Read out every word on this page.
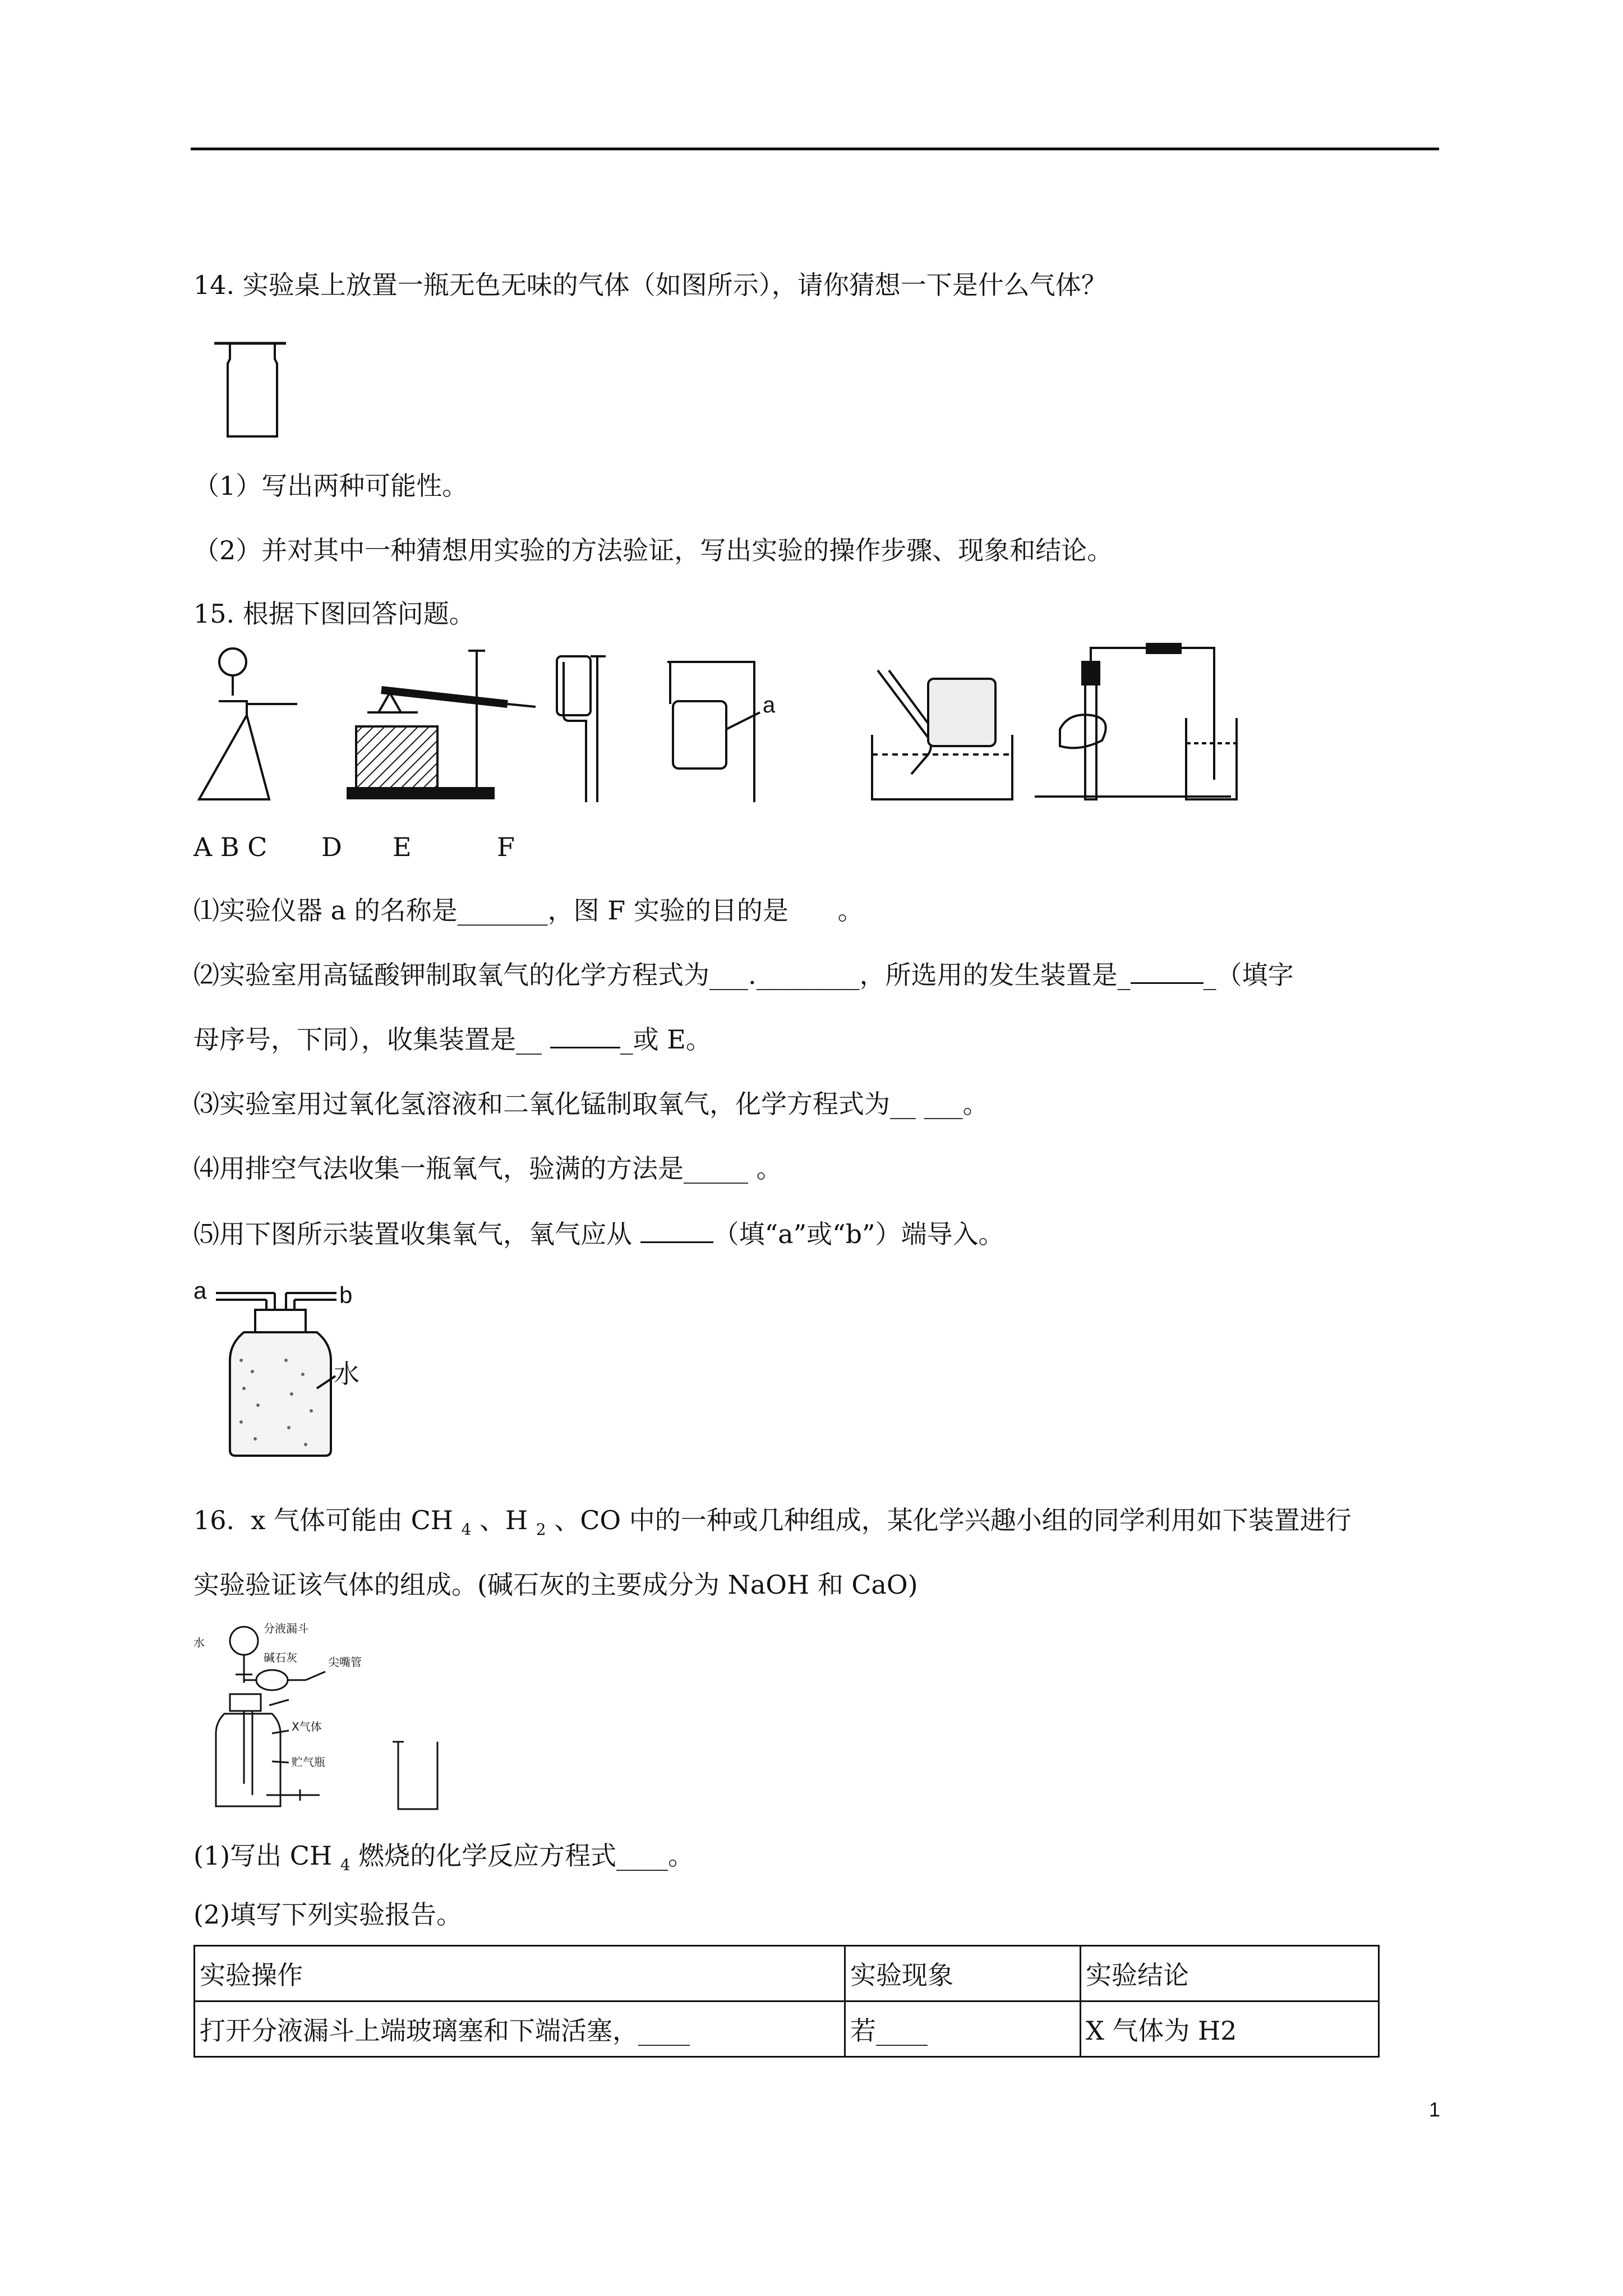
14. 实验桌上放置一瓶无色无味的气体（如图所示），请你猜想一下是什么气体？
（1）写出两种可能性。
（2）并对其中一种猜想用实验的方法验证，写出实验的操作步骤、现象和结论。
15. 根据下图回答问题。
a
A B C D E	F
⑴实验仪器 a 的名称是_______，图 F 实验的目的是 。
⑵实验室用高锰酸钾制取氧气的化学方程式为___.________，所选用的发生装置是_	_（填字
母序号，下同），收集装置是__	_或 E。
⑶实验室用过氧化氢溶液和二氧化锰制取氧气，化学方程式为__ ___。
⑷用排空气法收集一瓶氧气，验满的方法是_____ 。
⑸用下图所示装置收集氧气，氧气应从	（填“a”或“b”）端导入。
a	b
水
16.  x 气体可能由 CH $_4$ 、H $_2$ 、CO 中的一种或几种组成，某化学兴趣小组的同学利用如下装置进行
实验验证该气体的组成。(碱石灰的主要成分为 NaOH 和 CaO)
分液漏斗
水
碱石灰	尖嘴管
X气体
贮气瓶
(1)写出 CH $_4$ 燃烧的化学反应方程式____。
(2)填写下列实验报告。
实验操作	实验现象	实验结论
打开分液漏斗上端玻璃塞和下端活塞，____	若____	X 气体为 H2
1
